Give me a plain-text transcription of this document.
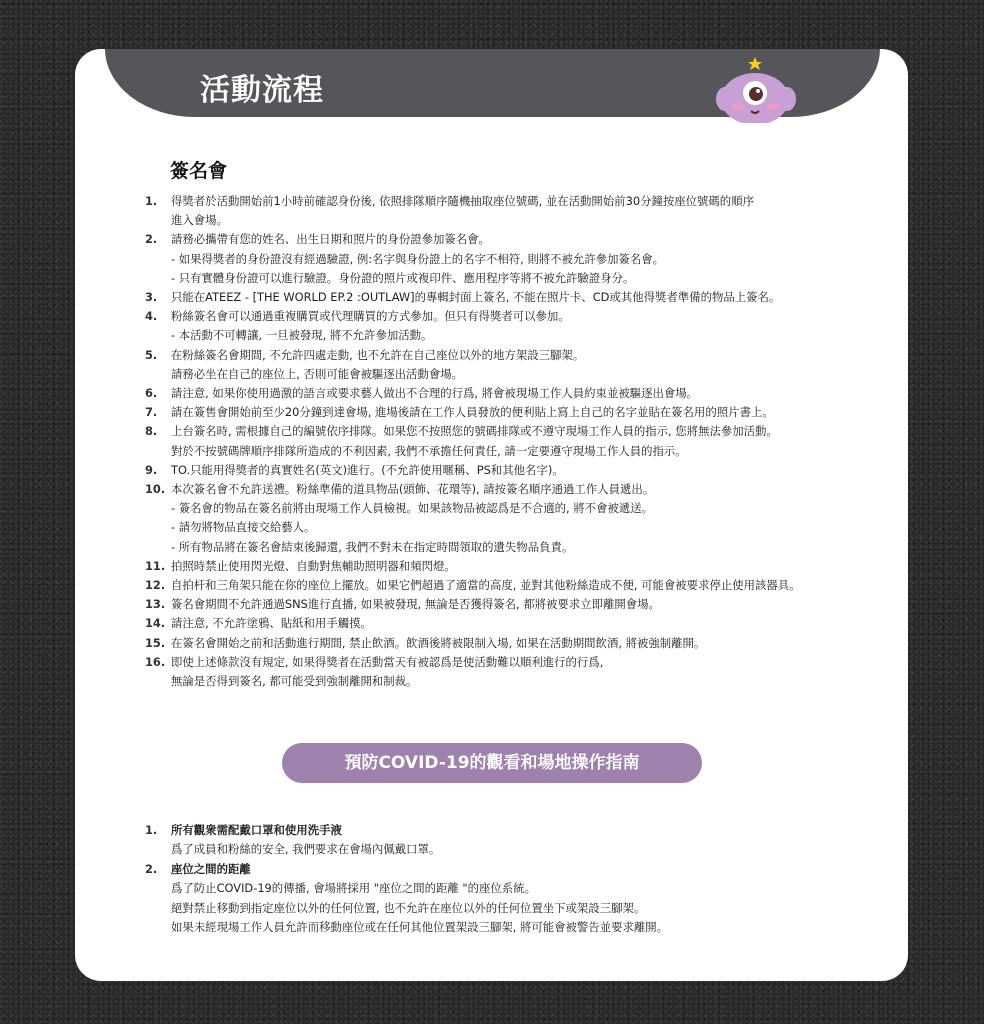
活動流程
簽名會
1.	得獎者於活動開始前1小時前確認身份後, 依照排隊順序隨機抽取座位號碼, 並在活動開始前30分鐘按座位號碼的順序
進入會場。
2.	請務必攜帶有您的姓名、出生日期和照片的身份證參加簽名會。
- 如果得獎者的身份證沒有經過驗證, 例:名字與身份證上的名字不相符, 則將不被允許參加簽名會。
- 只有實體身份證可以進行驗證。身份證的照片或複印件、應用程序等將不被允許驗證身分。
3.	只能在ATEEZ - [THE WORLD EP.2 :OUTLAW]的專輯封面上簽名, 不能在照片卡、CD或其他得獎者準備的物品上簽名。
4.	粉絲簽名會可以通過重複購買或代理購買的方式參加。但只有得獎者可以參加。
- 本活動不可轉讓, 一旦被發現, 將不允許參加活動。
5.	在粉絲簽名會期間, 不允許四處走動, 也不允許在自己座位以外的地方架設三腳架。
請務必坐在自己的座位上, 否則可能會被驅逐出活動會場。
6.	請注意, 如果你使用過激的語言或要求藝人做出不合理的行爲, 將會被現場工作人員約束並被驅逐出會場。
7.	請在簽售會開始前至少20分鐘到達會場, 進場後請在工作人員發放的便利貼上寫上自己的名字並貼在簽名用的照片書上。
8.	上台簽名時, 需根據自己的編號依序排隊。如果您不按照您的號碼排隊或不遵守現場工作人員的指示, 您將無法參加活動。
對於不按號碼牌順序排隊所造成的不利因素, 我們不承擔任何責任, 請一定要遵守現場工作人員的指示。
9.	TO.只能用得獎者的真實姓名(英文)進行。(不允許使用暱稱、PS和其他名字)。
10. 本次簽名會不允許送禮。粉絲準備的道具物品(頭飾、花環等), 請按簽名順序通過工作人員遞出。
- 簽名會的物品在簽名前將由現場工作人員檢視。如果該物品被認爲是不合適的, 將不會被遞送。
- 請勿將物品直接交給藝人。
- 所有物品將在簽名會結束後歸還, 我們不對未在指定時間領取的遺失物品負責。
11. 拍照時禁止使用閃光燈、自動對焦輔助照明器和頻閃燈。
12. 自拍杆和三角架只能在你的座位上擺放。如果它們超過了適當的高度, 並對其他粉絲造成不便, 可能會被要求停止使用該器具。
13. 簽名會期間不允許通過SNS進行直播, 如果被發現, 無論是否獲得簽名, 都將被要求立即離開會場。
14. 請注意, 不允許塗鴉、貼紙和用手觸摸。
15. 在簽名會開始之前和活動進行期間, 禁止飲酒。飲酒後將被限制入場, 如果在活動期間飲酒, 將被強制離開。
16. 即使上述條款沒有規定, 如果得獎者在活動當天有被認爲是使活動難以順利進行的行爲,
無論是否得到簽名, 都可能受到強制離開和制裁。
預防COVID-19的觀看和場地操作指南
1.	所有觀衆需配戴口罩和使用洗手液
爲了成員和粉絲的安全, 我們要求在會場內佩戴口罩。
2.	座位之間的距離
爲了防止COVID-19的傳播, 會場將採用 "座位之間的距離 "的座位系統。
絕對禁止移動到指定座位以外的任何位置, 也不允許在座位以外的任何位置坐下或架設三腳架。
如果未經現場工作人員允許而移動座位或在任何其他位置架設三腳架, 將可能會被警告並要求離開。
